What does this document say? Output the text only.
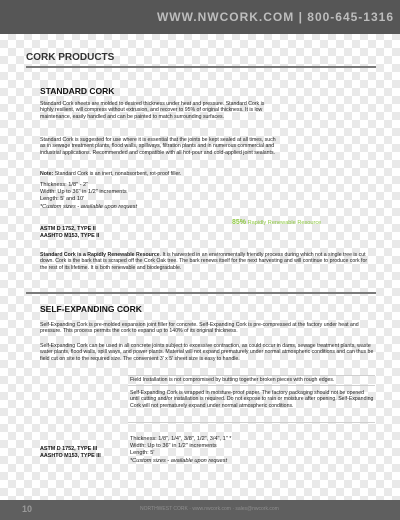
WWW.NWCORK.COM | 800-645-1316
CORK PRODUCTS
STANDARD CORK
Standard Cork sheets are molded to desired thickness under heat and pressure. Standard Cork is highly resilient, will compress without extrusion, and recover to 95% of original thickness. It is low maintenance, easily handled and can be painted to match surrounding surfaces.
Standard Cork is suggested for use where it is essential that the joints be kept sealed at all times, such as in sewage treatment plants, flood walls, spillways, filtration plants and in numerous commercial and industrial applications. Recommended and compatible with all hot-pour and cold-applied joint sealants.
Note: Standard Cork is an inert, nonabsorbent, rot-proof filler.
Thickness: 1/8" - 2"
Width: Up to 36" in 1/2" increments
Length: 5' and 10'
*Custom sizes - available upon request
85% Rapidly Renewable Resource
ASTM D 1752, TYPE II
AASHTO M153, TYPE II
Standard Cork is a Rapidly Renewable Resource. It is harvested in an environmentally friendly process during which not a single tree is cut down. Cork is the bark that is scraped off the Cork Oak tree. The bark renews itself for the next harvesting and will continue to produce cork for the rest of its lifetime. It is both renewable and biodegradable.
SELF-EXPANDING CORK
Self-Expanding Cork is pre-molded expansion joint filler for concrete. Self-Expanding Cork is pre-compressed at the factory under heat and pressure. This process permits the cork to expand up to 140% of its original thickness.
Self-Expanding Cork can be used in all concrete joints subject to excessive contraction, as could occur in dams, sewage treatment plants, waste water plants, flood walls, spill ways, and power plants. Material will not expand prematurely under normal atmospheric conditions and can thus be field cut on site to the required size. The convenient 3' x 5' sheet size is easy to handle.
Field Installation is not compromised by butting together broken pieces with rough edges.
Self-Expanding Cork is wrapped in moisture-proof paper. The factory packaging should not be opened until cutting and/or installation is required. Do not expose to rain or moisture after opening. Self-Expanding Cork will not prematurely expand under normal atmospheric conditions.
Thickness: 1/8", 1/4", 3/8", 1/2", 3/4", 1" *
Width: Up to 36" in 1/2" increments
Length: 5'
*Custom sizes - available upon request
ASTM D 1752, TYPE III
AASHTO M153, TYPE III
10	NORTHWEST CORK · www.nwcork.com · sales@nwcork.com
